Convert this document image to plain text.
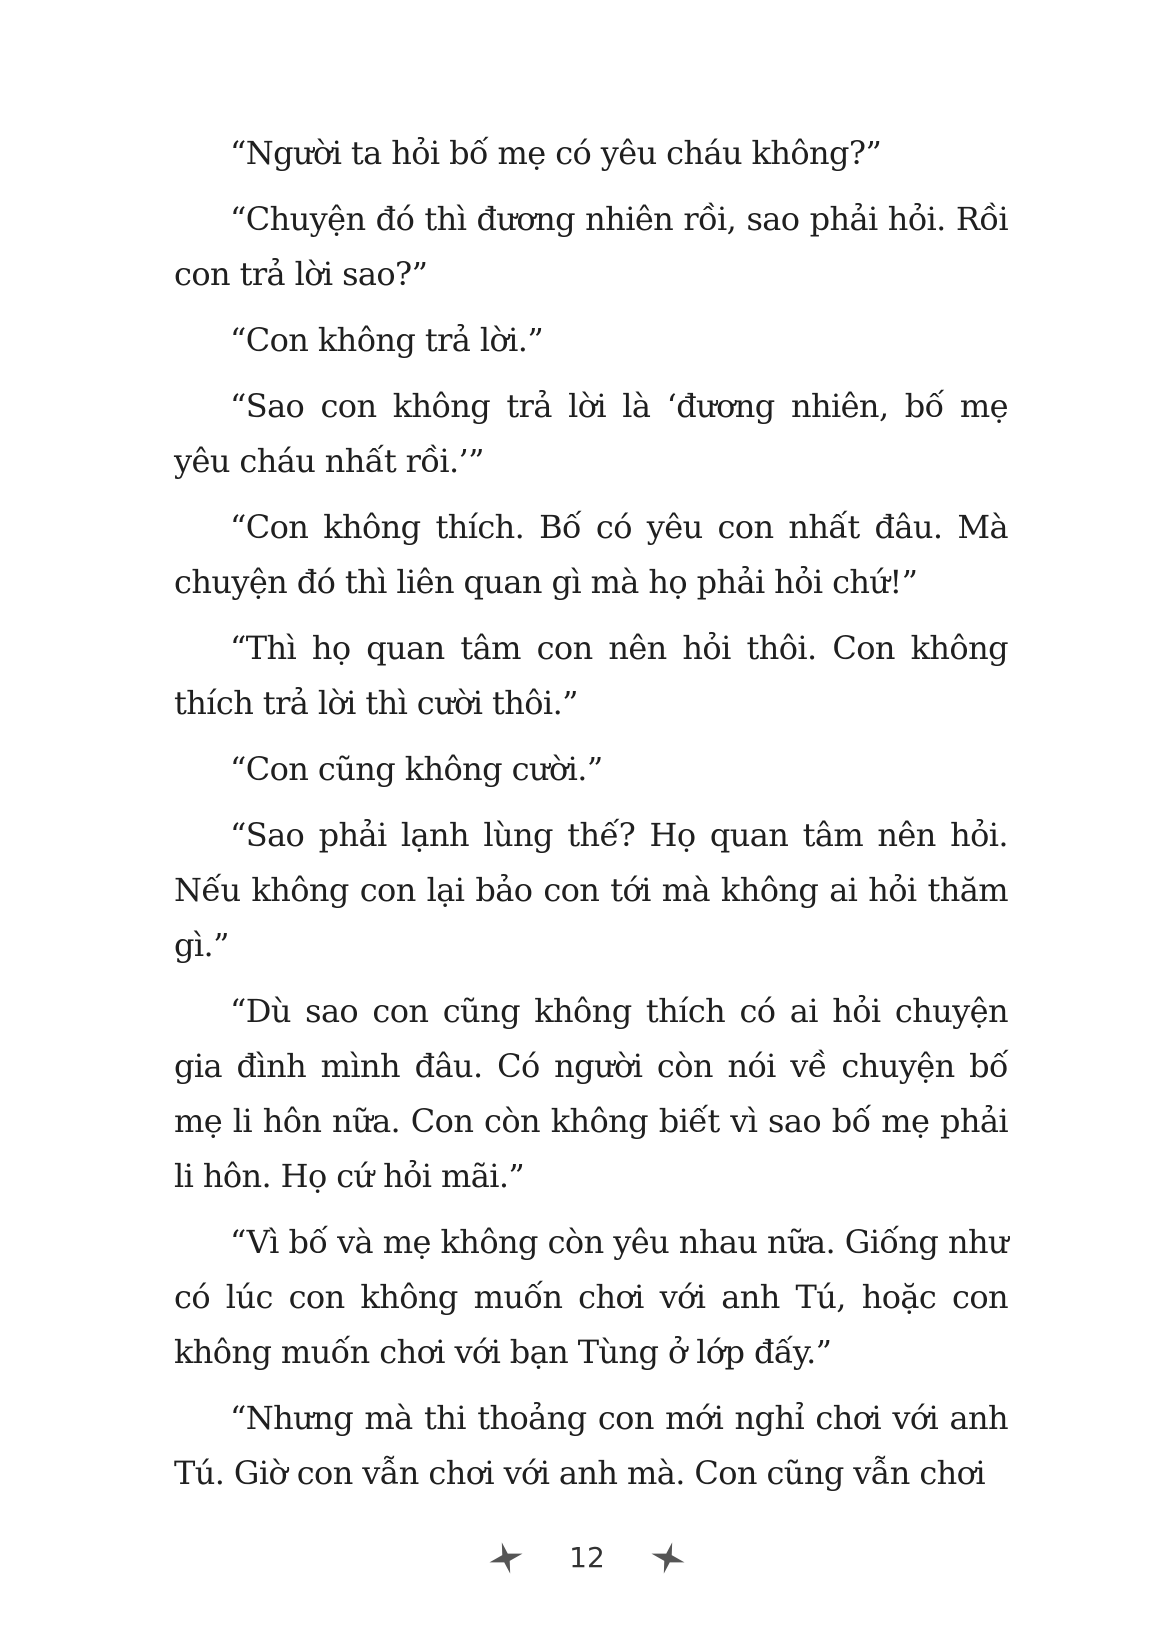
“Người ta hỏi bố mẹ có yêu cháu không?”

“Chuyện đó thì đương nhiên rồi, sao phải hỏi. Rồi con trả lời sao?”

“Con không trả lời.”

“Sao con không trả lời là ‘đương nhiên, bố mẹ yêu cháu nhất rồi.’”

“Con không thích. Bố có yêu con nhất đâu. Mà chuyện đó thì liên quan gì mà họ phải hỏi chứ!”

“Thì họ quan tâm con nên hỏi thôi. Con không thích trả lời thì cười thôi.”

“Con cũng không cười.”

“Sao phải lạnh lùng thế? Họ quan tâm nên hỏi. Nếu không con lại bảo con tới mà không ai hỏi thăm gì.”

“Dù sao con cũng không thích có ai hỏi chuyện gia đình mình đâu. Có người còn nói về chuyện bố mẹ li hôn nữa. Con còn không biết vì sao bố mẹ phải li hôn. Họ cứ hỏi mãi.”

“Vì bố và mẹ không còn yêu nhau nữa. Giống như có lúc con không muốn chơi với anh Tú, hoặc con không muốn chơi với bạn Tùng ở lớp đấy.”

“Nhưng mà thi thoảng con mới nghỉ chơi với anh Tú. Giờ con vẫn chơi với anh mà. Con cũng vẫn chơi

12
